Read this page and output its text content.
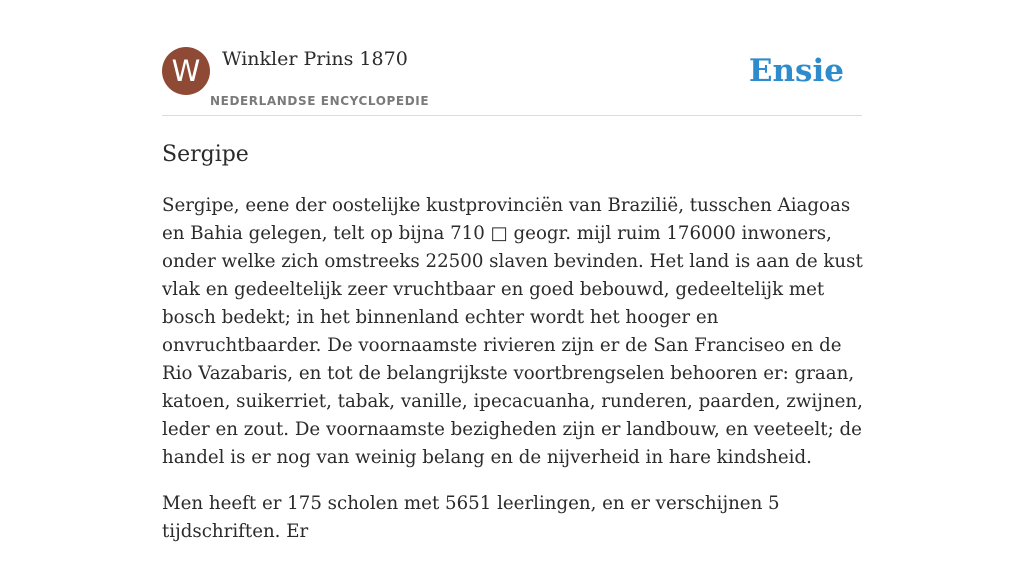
W	Winkler Prins 1870
NEDERLANDSE ENCYCLOPEDIE
Ensie
Sergipe

Sergipe, eene der oostelijke kustprovinciën van Brazilië, tusschen Aiagoas en Bahia gelegen, telt op bijna 710 □ geogr. mijl ruim 176000 inwoners, onder welke zich omstreeks 22500 slaven bevinden. Het land is aan de kust vlak en gedeeltelijk zeer vruchtbaar en goed bebouwd, gedeeltelijk met bosch bedekt; in het binnenland echter wordt het hooger en onvruchtbaarder. De voornaamste rivieren zijn er de San Franciseo en de Rio Vazabaris, en tot de belangrijkste voortbrengselen behooren er: graan, katoen, suikerriet, tabak, vanille, ipecacuanha, runderen, paarden, zwijnen, leder en zout. De voornaamste bezigheden zijn er landbouw, en veeteelt; de handel is er nog van weinig belang en de nijverheid in hare kindsheid.

Men heeft er 175 scholen met 5651 leerlingen, en er verschijnen 5 tijdschriften. Er
